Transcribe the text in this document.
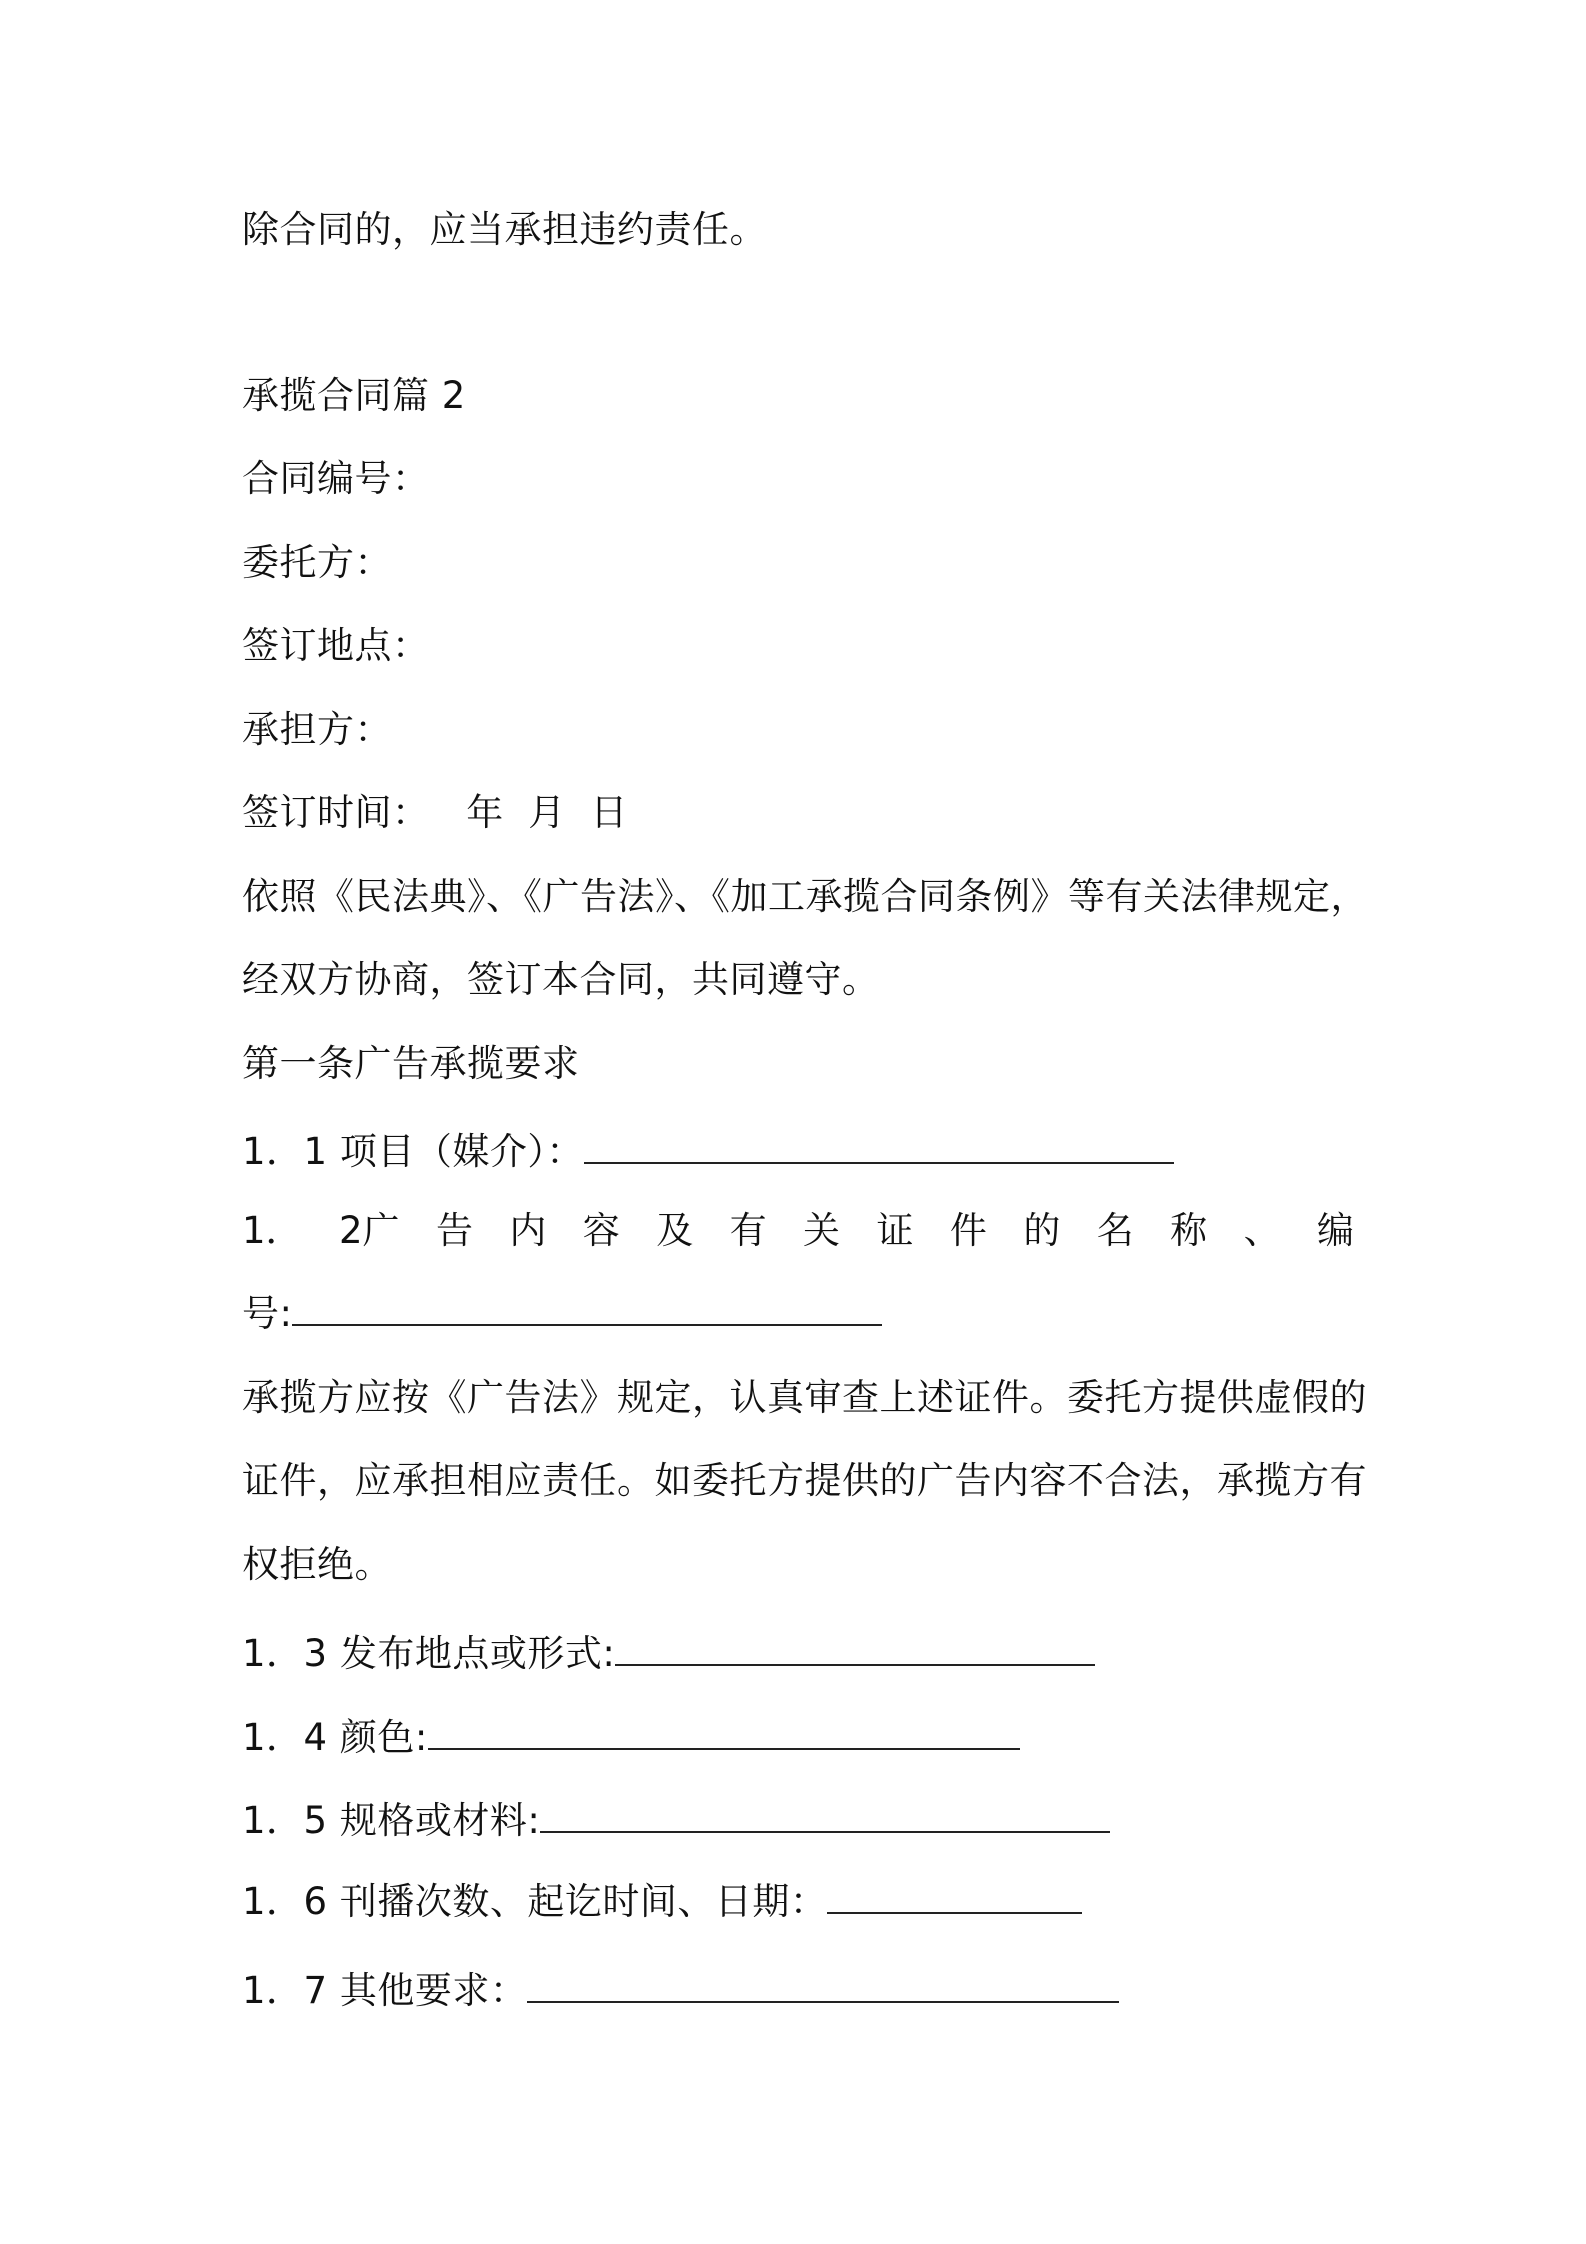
除合同的，应当承担违约责任。
承揽合同篇 2
合同编号：
委托方：
签订地点：
承担方：
签订时间：   年  月  日
依照《民法典》、《广告法》、《加工承揽合同条例》等有关法律规定，
经双方协商，签订本合同，共同遵守。
第一条广告承揽要求
1．1 项目（媒介）：
1． 2广 告 内 容 及 有 关 证 件 的 名 称 、 编
号:
承揽方应按《广告法》规定，认真审查上述证件。委托方提供虚假的
证件，应承担相应责任。如委托方提供的广告内容不合法，承揽方有
权拒绝。
1．3 发布地点或形式:
1．4 颜色:
1．5 规格或材料:
1．6 刊播次数、起讫时间、日期：
1．7 其他要求：
